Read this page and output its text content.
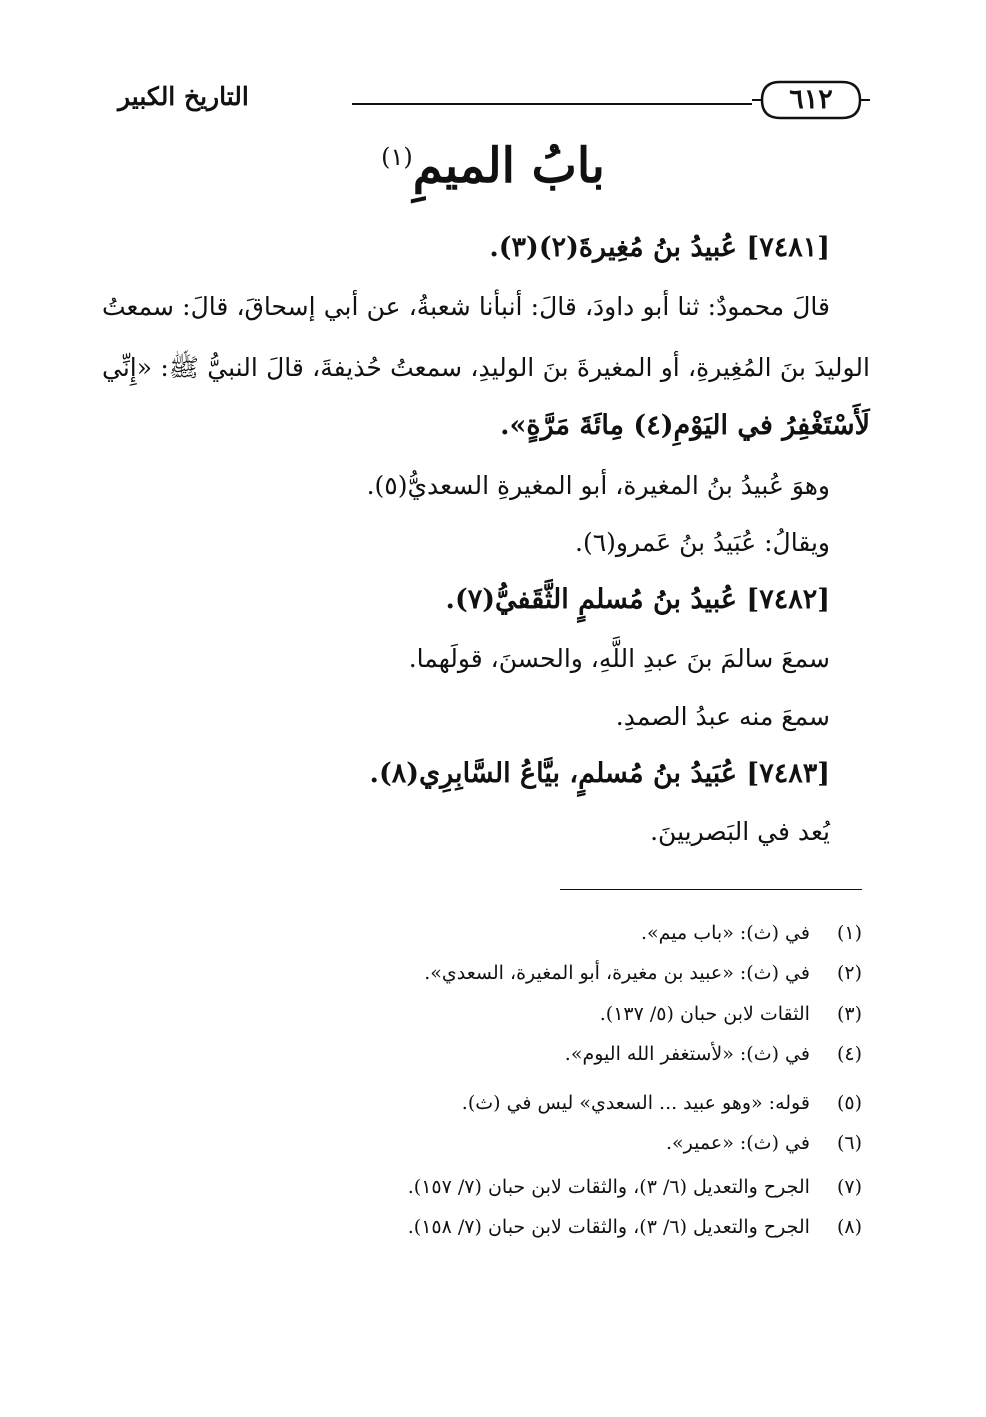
التاريخ الكبير	٦١٢
بابُ الميمِ$^{(١)}$
[٧٤٨١] عُبيدُ بنُ مُغِيرةَ(٢)(٣).
قالَ محمودٌ: ثنا أبو داودَ، قالَ: أنبأنا شعبةُ، عن أبي إسحاقَ، قالَ: سمعتُ
الوليدَ بنَ المُغِيرةِ، أو المغيرةَ بنَ الوليدِ، سمعتُ حُذيفةَ، قالَ النبيُّ ﷺ: «إِنِّي
لَأَسْتَغْفِرُ في اليَوْمِ(٤) مِائَةَ مَرَّةٍ».
وهوَ عُبيدُ بنُ المغيرة، أبو المغيرةِ السعديُّ(٥).
ويقالُ: عُبَيدُ بنُ عَمرو(٦).
[٧٤٨٢] عُبيدُ بنُ مُسلمٍ الثَّقَفيُّ(٧).
سمعَ سالمَ بنَ عبدِ اللَّهِ، والحسنَ، قولَهما.
سمعَ منه عبدُ الصمدِ.
[٧٤٨٣] عُبَيدُ بنُ مُسلمٍ، بيَّاعُ السَّابِرِي(٨).
يُعد في البَصريينَ.
(١) في (ث): «باب ميم».
(٢) في (ث): «عبيد بن مغيرة، أبو المغيرة، السعدي».
(٣) الثقات لابن حبان (٥/ ١٣٧).
(٤) في (ث): «لأستغفر الله اليوم».
(٥) قوله: «وهو عبيد ... السعدي» ليس في (ث).
(٦) في (ث): «عمير».
(٧) الجرح والتعديل (٦/ ٣)، والثقات لابن حبان (٧/ ١٥٧).
(٨) الجرح والتعديل (٦/ ٣)، والثقات لابن حبان (٧/ ١٥٨).
